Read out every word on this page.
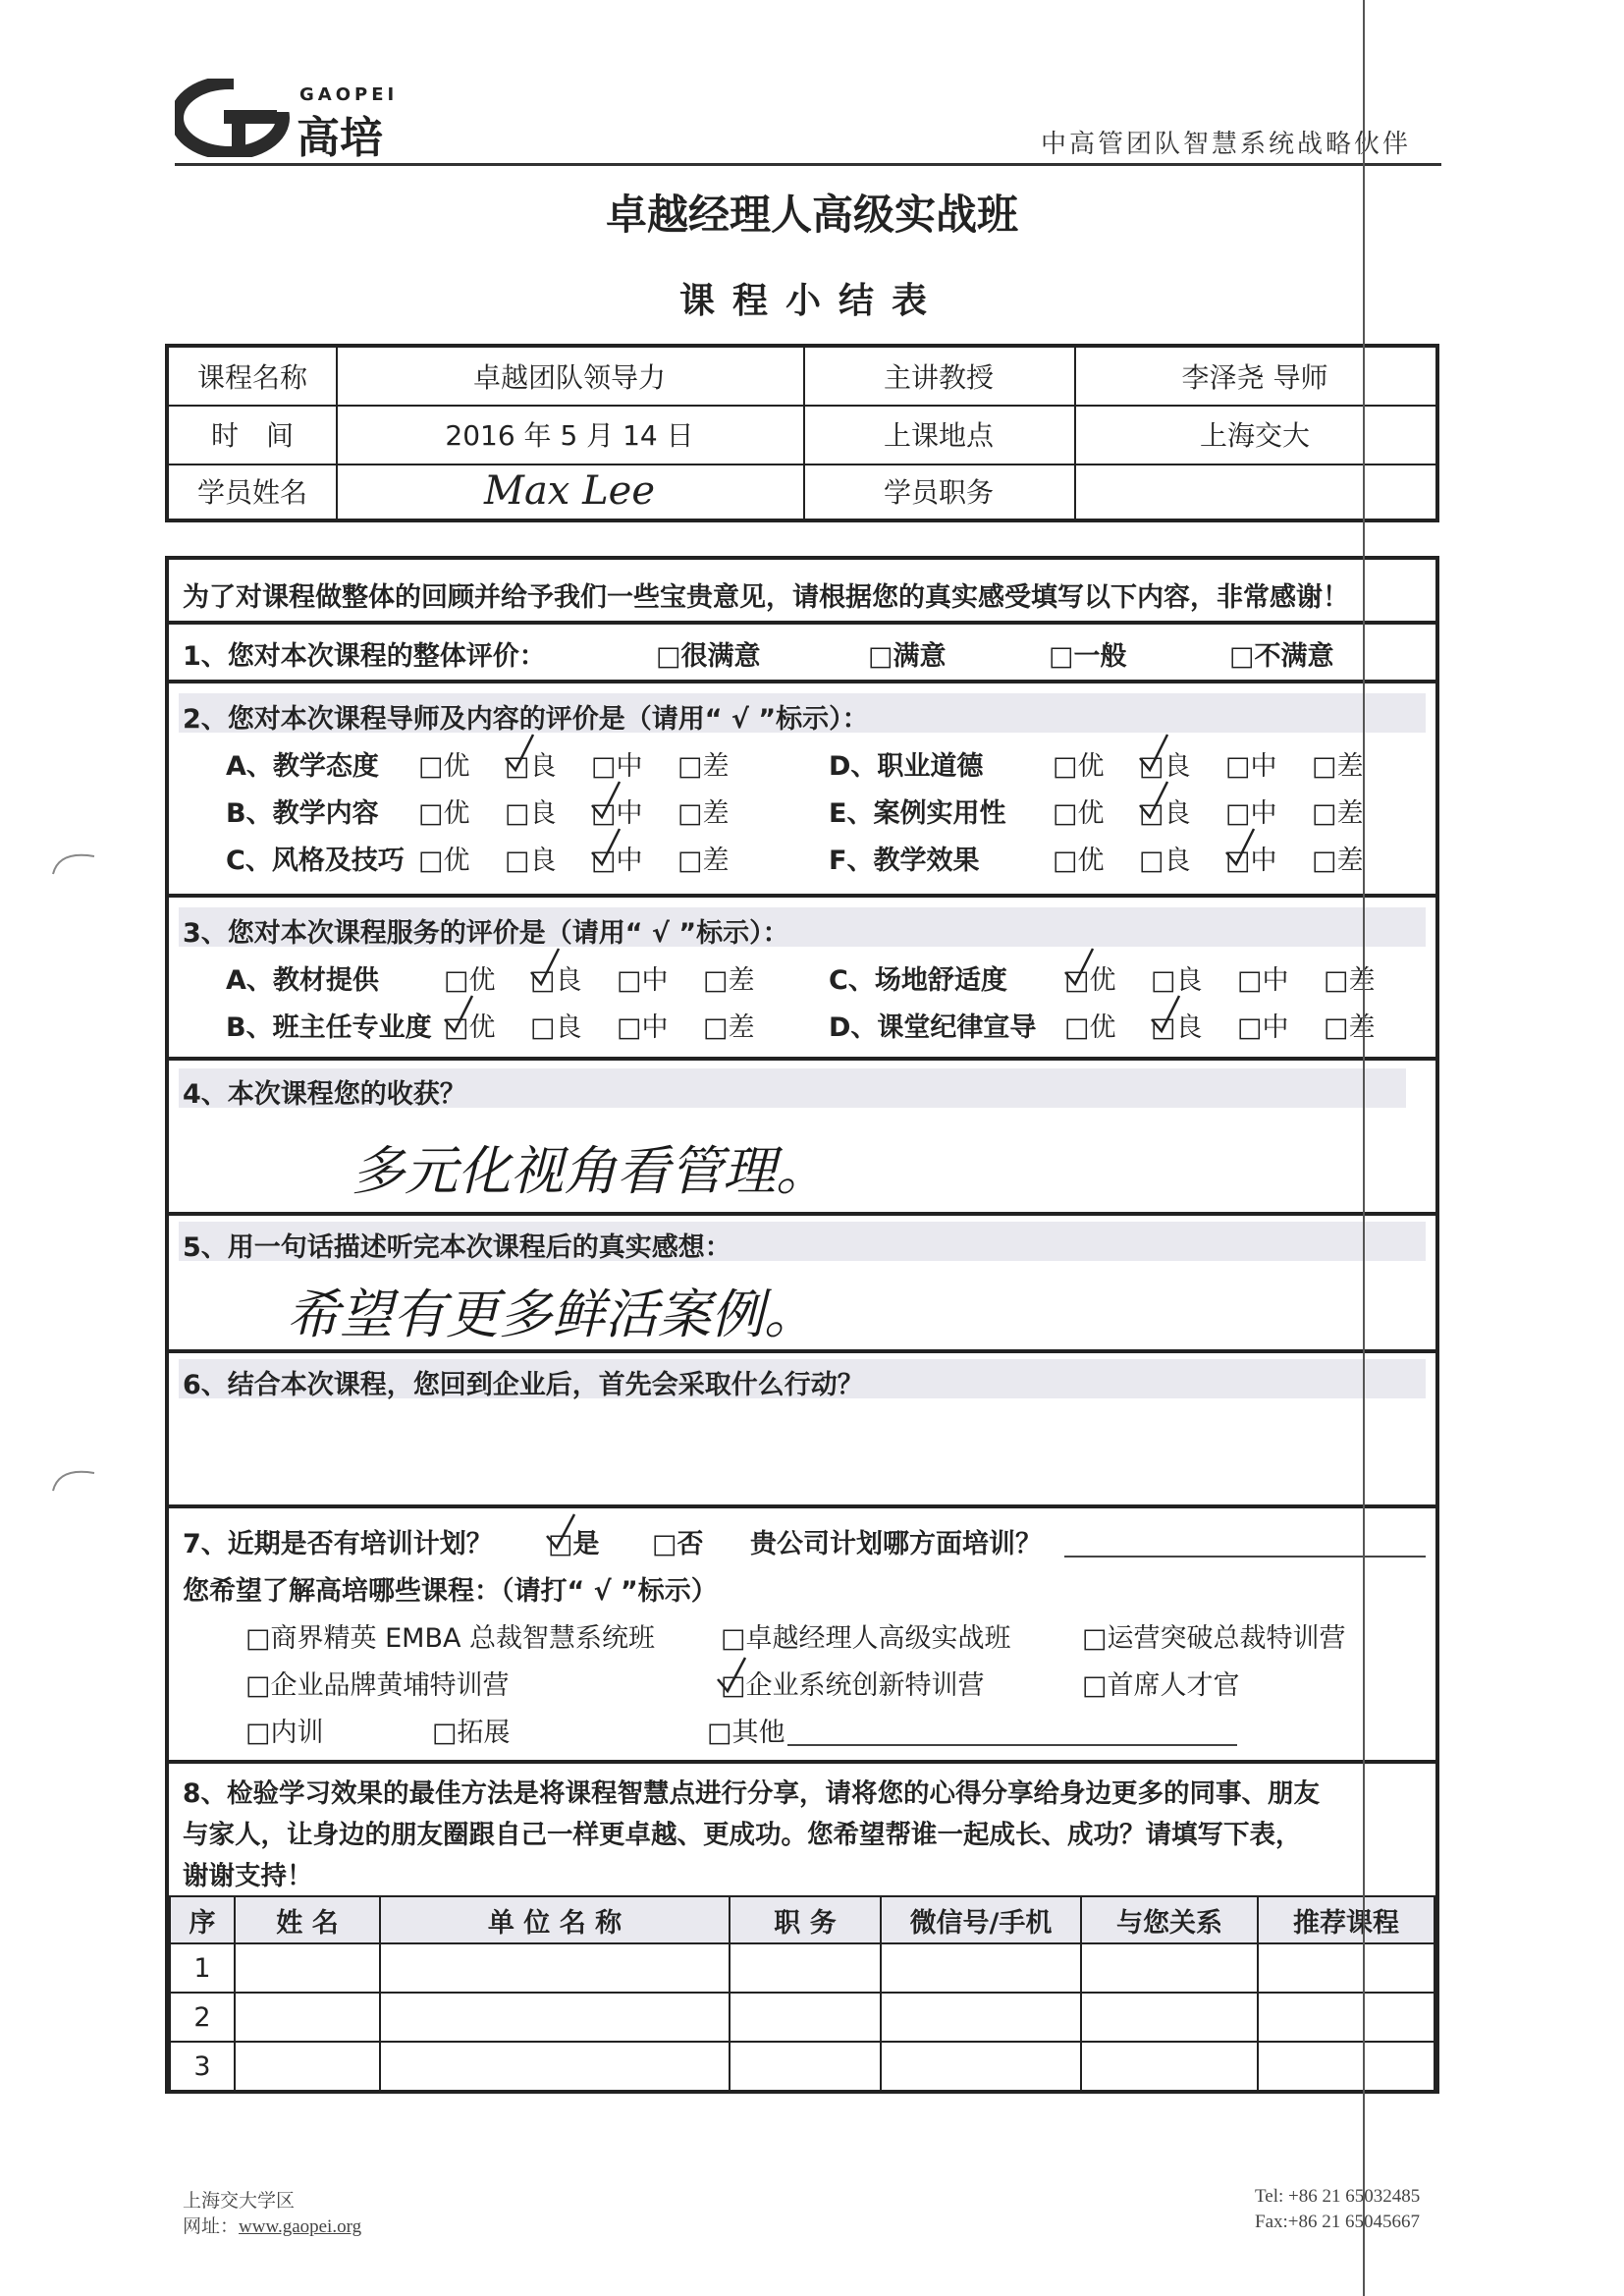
GAOPEI
高培	中高管团队智慧系统战略伙伴
卓越经理人高级实战班
课程小结表
课程名称	卓越团队领导力	主讲教授	李泽尧 导师
时　间	2016 年 5 月 14 日	上课地点	上海交大
学员姓名	Max Lee	学员职务
为了对课程做整体的回顾并给予我们一些宝贵意见，请根据您的真实感受填写以下内容，非常感谢！
1、您对本次课程的整体评价：	□很满意	□满意	□一般	□不满意
2、您对本次课程导师及内容的评价是（请用“ √ ”标示）：
3、您对本次课程服务的评价是（请用“ √ ”标示）：
4、本次课程您的收获？
多元化视角看管理。
5、用一句话描述听完本次课程后的真实感想：
希望有更多鲜活案例。
6、结合本次课程，您回到企业后，首先会采取什么行动？
7、近期是否有培训计划？ □是 □否 贵公司计划哪方面培训？
您希望了解高培哪些课程：（请打“ √ ”标示）
□商界精英 EMBA 总裁智慧系统班 □卓越经理人高级实战班	□运营突破总裁特训营
□企业品牌黄埔特训营	□企业系统创新特训营	□首席人才官
□内训	□拓展	□其他
8、检验学习效果的最佳方法是将课程智慧点进行分享，请将您的心得分享给身边更多的同事、朋友
与家人，让身边的朋友圈跟自己一样更卓越、更成功。您希望帮谁一起成长、成功？请填写下表，
谢谢支持！
序	姓 名	单 位 名 称	职 务	微信号/手机	与您关系	推荐课程
1						
2						
3						
A、教学态度 □优 □良 □中 □差
B、教学内容 □优 □良 □中 □差
C、风格及技巧 □优 □良 □中 □差
D、职业道德	□优 □良 □中 □差
E、案例实用性 □优 □良 □中 □差
F、教学效果	□优 □良 □中 □差
A、教材提供 □优 □良 □中 □差
B、班主任专业度 □优 □良 □中 □差
C、场地舒适度 □优 □良 □中 □差
D、课堂纪律宣导 □优 □良 □中 □差
上海交大学区
网址：www.gaopei.org
Tel: +86 21 65032485
Fax:+86 21 65045667
